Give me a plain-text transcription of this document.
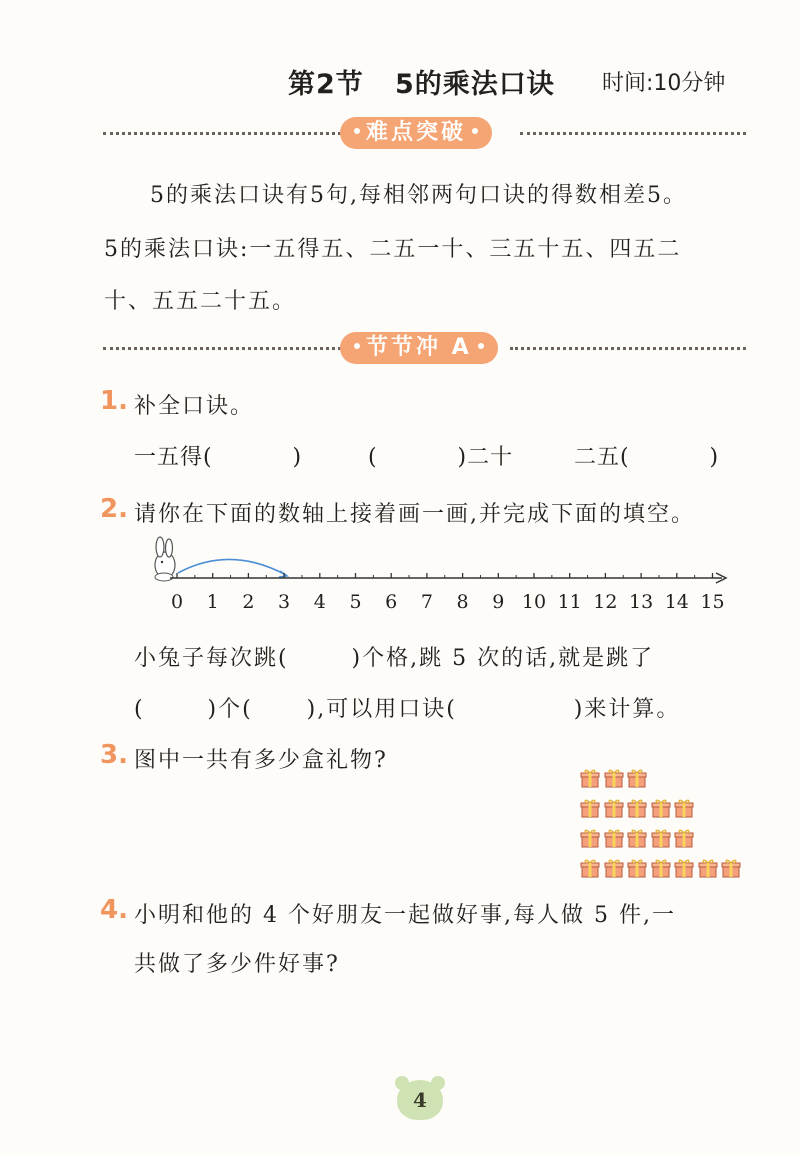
第2节   5的乘法口诀 时间:10分钟
难点突破
5的乘法口诀有5句,每相邻两句口诀的得数相差5。
5的乘法口诀:一五得五、二五一十、三五十五、四五二
十、五五二十五。
节节冲 A
1. 补全口诀。
一五得(          )	(          )二十	二五(          )
2. 请你在下面的数轴上接着画一画,并完成下面的填空。
0 1 2 3 4 5 6 7 8 9 10 11 12 13 14 15
小兔子每次跳(       )个格,跳 5 次的话,就是跳了
(       )个(      ),可以用口诀(             )来计算。
3. 图中一共有多少盒礼物?
4. 小明和他的 4 个好朋友一起做好事,每人做 5 件,一
共做了多少件好事?
4
